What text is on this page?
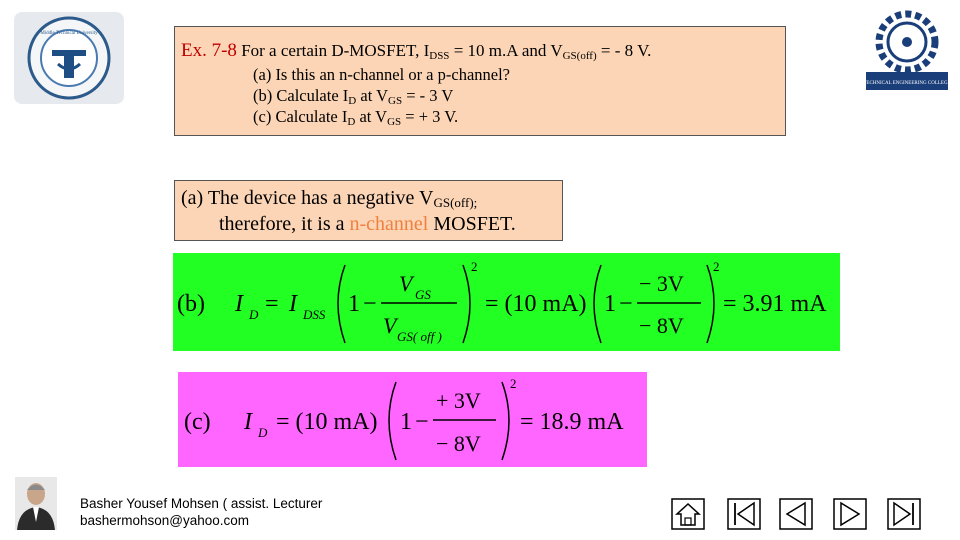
Middle Technical University
TECHNICAL ENGINEERING COLLEGE
Ex. 7-8 For a certain D-MOSFET, $I_{DSS} = 10$ m.A and $V_{GS(off)}$ = - 8 V.
(a) Is this an n-channel or a p-channel?
(b) Calculate $I_D$ at $V_{GS}$ = - 3 V
(c) Calculate $I_D$ at $V_{GS}$ = + 3 V.
(a) The device has a negative $V_{GS(off);}$
therefore, it is a n-channel MOSFET.
(b) I D = I DSS 1 −
V GS
V GS( off )
2
= (10 mA) 1 −
− 3V
− 8V
2
= 3.91 mA
(c) I D = (10 mA) 1 −
+ 3V
− 8V
2
= 18.9 mA
Basher Yousef Mohsen ( assist. Lecturer
bashermohson@yahoo.com
